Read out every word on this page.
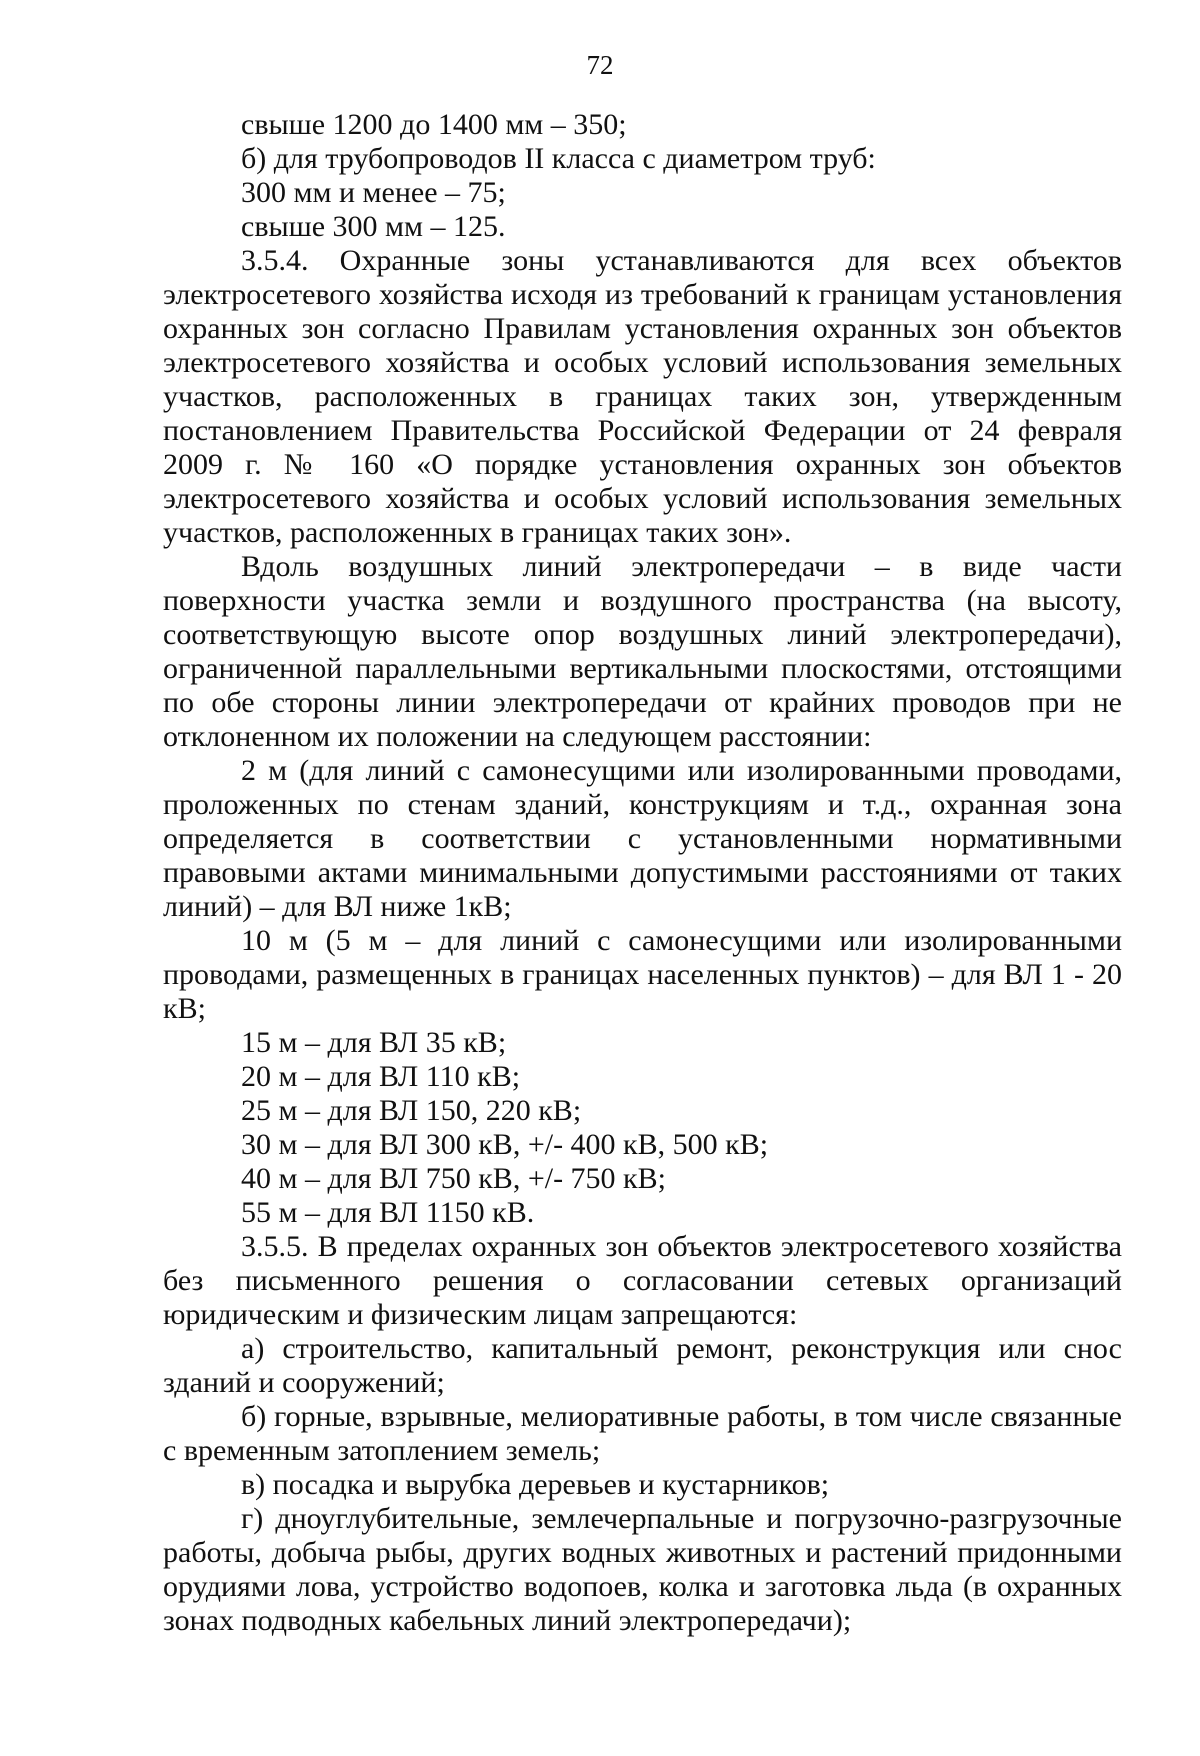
72

свыше 1200 до 1400 мм – 350;

б) для трубопроводов II класса с диаметром труб:

300 мм и менее – 75;

свыше 300 мм – 125.

3.5.4. Охранные зоны устанавливаются для всех объектов электросетевого хозяйства исходя из требований к границам установления охранных зон согласно Правилам установления охранных зон объектов электросетевого хозяйства и особых условий использования земельных участков, расположенных в границах таких зон, утвержденным постановлением Правительства Российской Федерации от 24 февраля 2009 г. № 160 «О порядке установления охранных зон объектов электросетевого хозяйства и особых условий использования земельных участков, расположенных в границах таких зон».

Вдоль воздушных линий электропередачи – в виде части поверхности участка земли и воздушного пространства (на высоту, соответствующую высоте опор воздушных линий электропередачи), ограниченной параллельными вертикальными плоскостями, отстоящими по обе стороны линии электропередачи от крайних проводов при не отклоненном их положении на следующем расстоянии:

2 м (для линий с самонесущими или изолированными проводами, проложенных по стенам зданий, конструкциям и т.д., охранная зона определяется в соответствии с установленными нормативными правовыми актами минимальными допустимыми расстояниями от таких линий) – для ВЛ ниже 1кВ;

10 м (5 м – для линий с самонесущими или изолированными проводами, размещенных в границах населенных пунктов) – для ВЛ 1 - 20 кВ;

15 м – для ВЛ 35 кВ;

20 м – для ВЛ 110 кВ;

25 м – для ВЛ 150, 220 кВ;

30 м – для ВЛ 300 кВ, +/- 400 кВ, 500 кВ;

40 м – для ВЛ 750 кВ, +/- 750 кВ;

55 м – для ВЛ 1150 кВ.

3.5.5. В пределах охранных зон объектов электросетевого хозяйства без письменного решения о согласовании сетевых организаций юридическим и физическим лицам запрещаются:

а) строительство, капитальный ремонт, реконструкция или снос зданий и сооружений;

б) горные, взрывные, мелиоративные работы, в том числе связанные с временным затоплением земель;

в) посадка и вырубка деревьев и кустарников;

г) дноуглубительные, землечерпальные и погрузочно-разгрузочные работы, добыча рыбы, других водных животных и растений придонными орудиями лова, устройство водопоев, колка и заготовка льда (в охранных зонах подводных кабельных линий электропередачи);
